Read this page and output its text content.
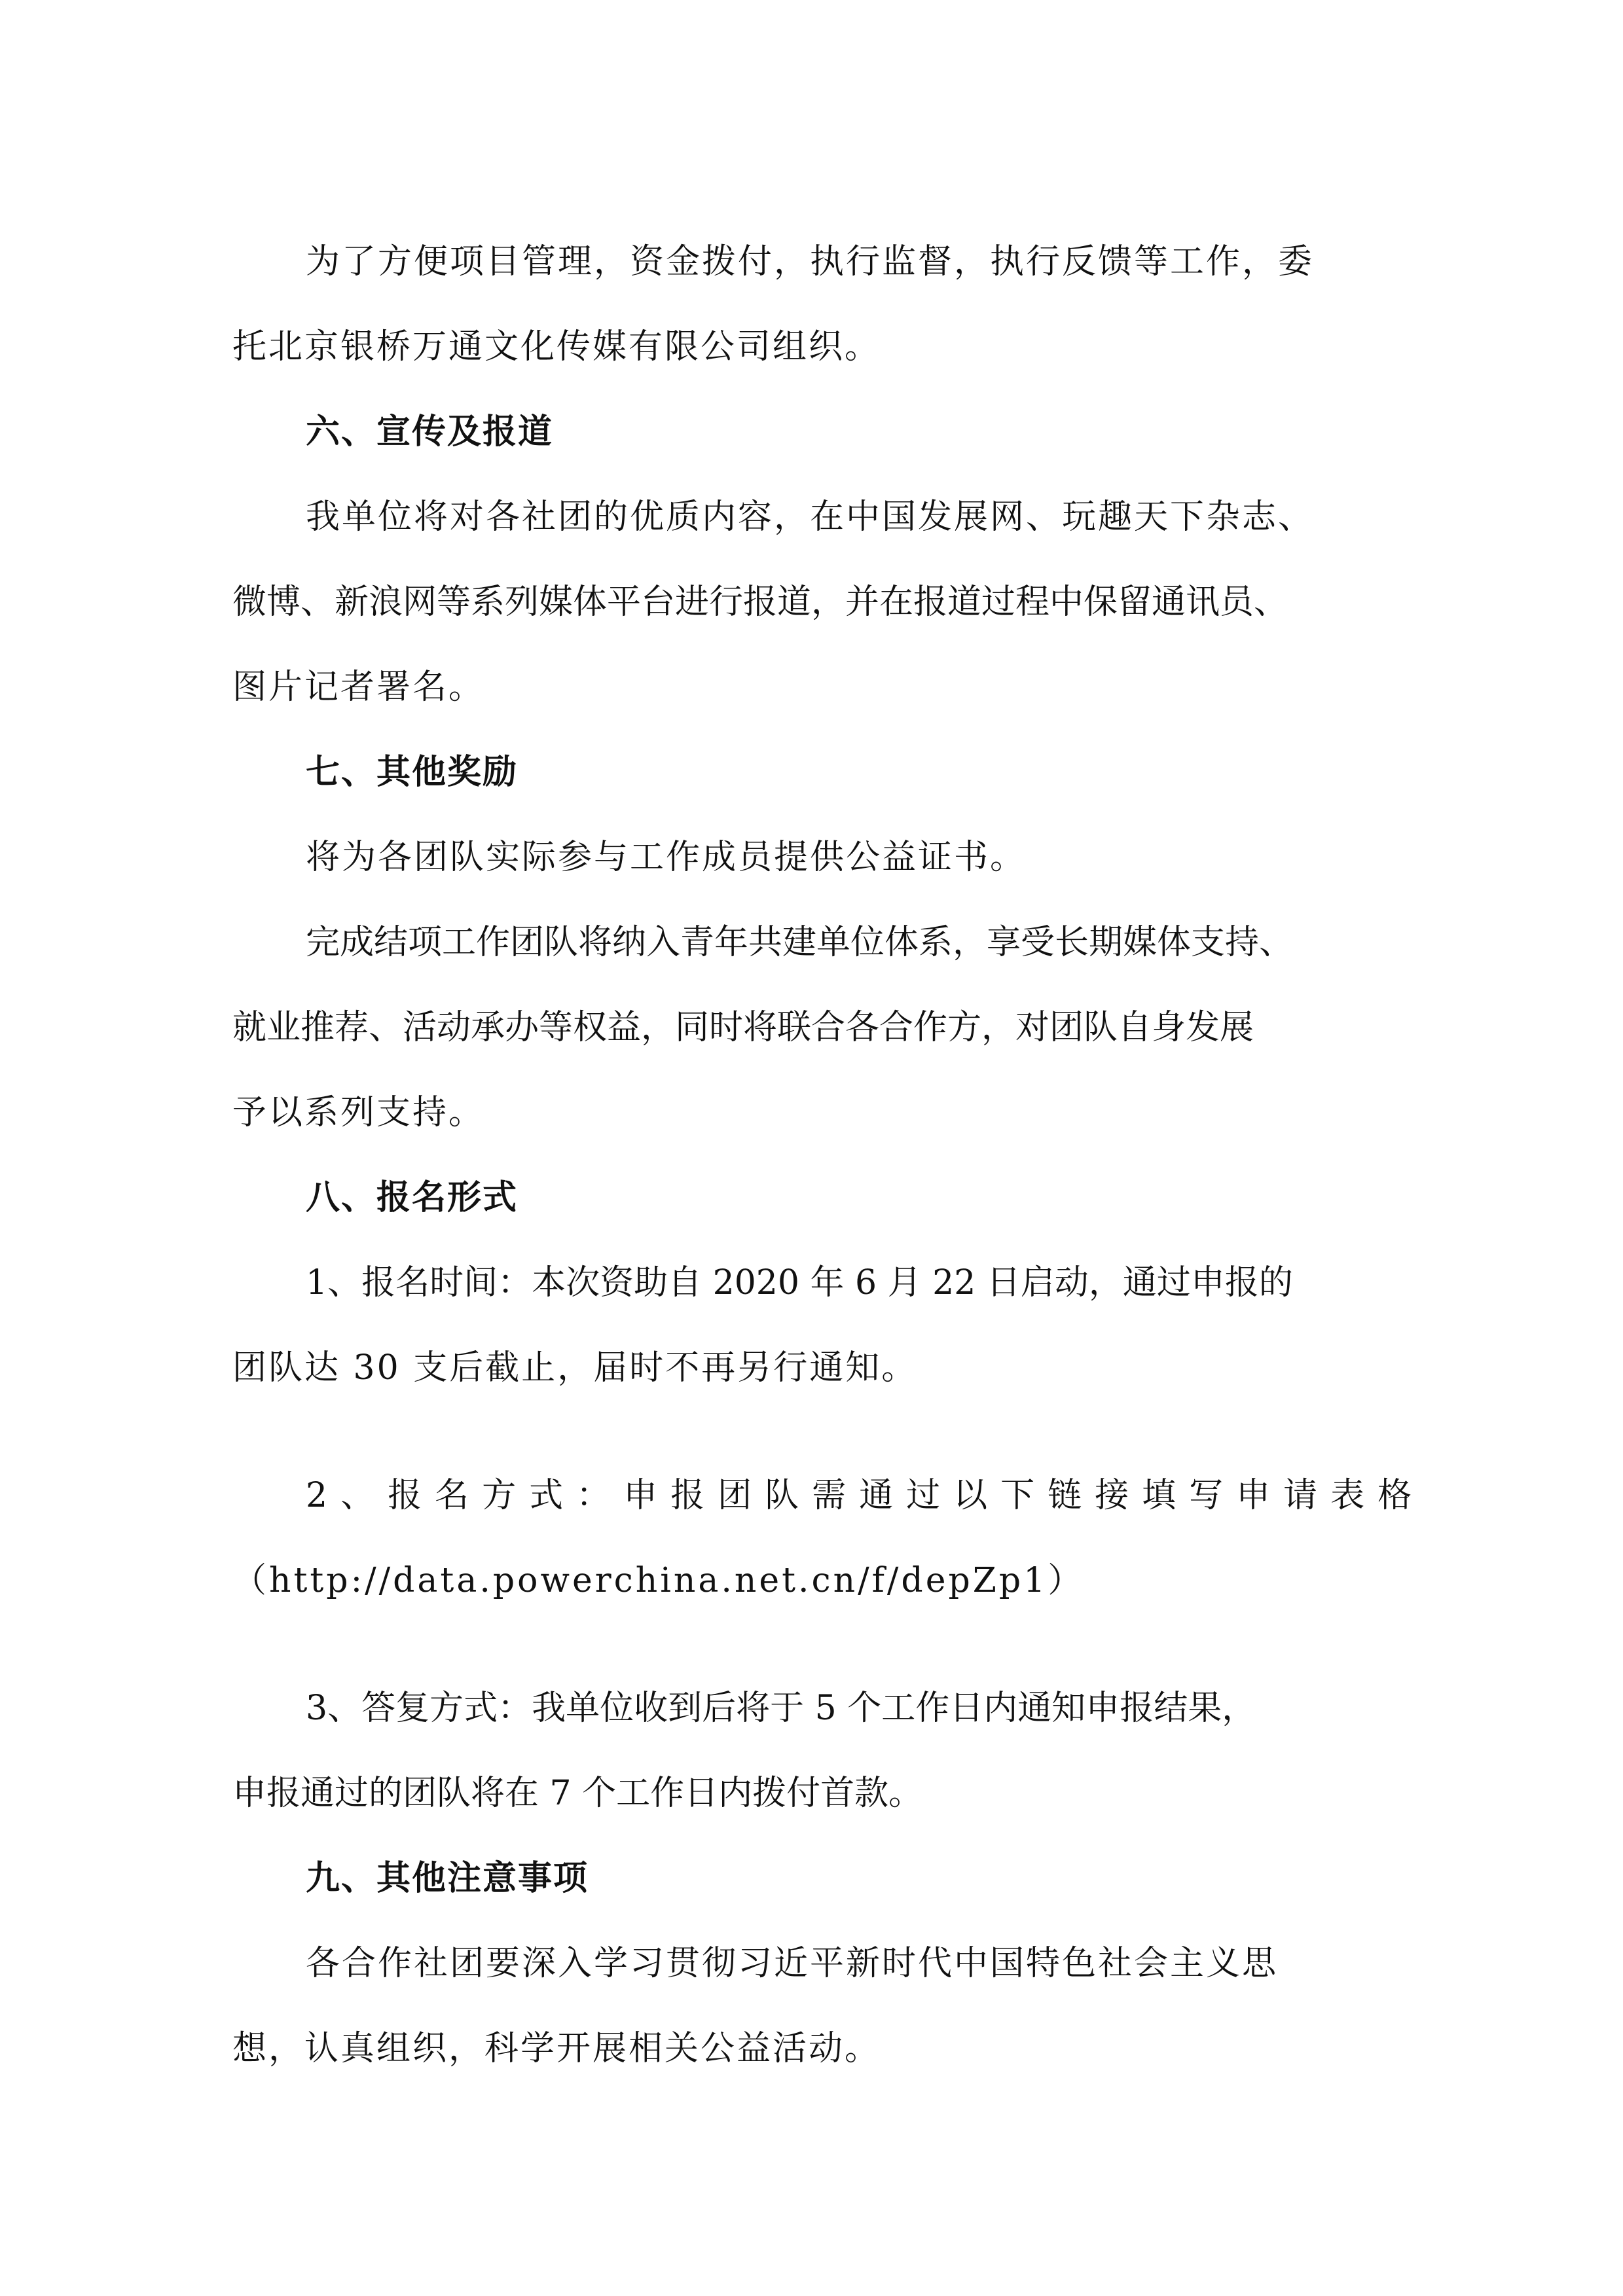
为了方便项目管理，资金拨付，执行监督，执行反馈等工作，委
托北京银桥万通文化传媒有限公司组织。
六、宣传及报道
我单位将对各社团的优质内容，在中国发展网、玩趣天下杂志、
微博、新浪网等系列媒体平台进行报道，并在报道过程中保留通讯员、
图片记者署名。
七、其他奖励
将为各团队实际参与工作成员提供公益证书。
完成结项工作团队将纳入青年共建单位体系，享受长期媒体支持、
就业推荐、活动承办等权益，同时将联合各合作方，对团队自身发展
予以系列支持。
八、报名形式
1、报名时间：本次资助自 2020 年 6 月 22 日启动，通过申报的
团队达 30 支后截止，届时不再另行通知。
2、报名方式：申报团队需通过以下链接填写申请表格
（http://data.powerchina.net.cn/f/depZp1）
3、答复方式：我单位收到后将于 5 个工作日内通知申报结果，
申报通过的团队将在 7 个工作日内拨付首款。
九、其他注意事项
各合作社团要深入学习贯彻习近平新时代中国特色社会主义思
想，认真组织，科学开展相关公益活动。
